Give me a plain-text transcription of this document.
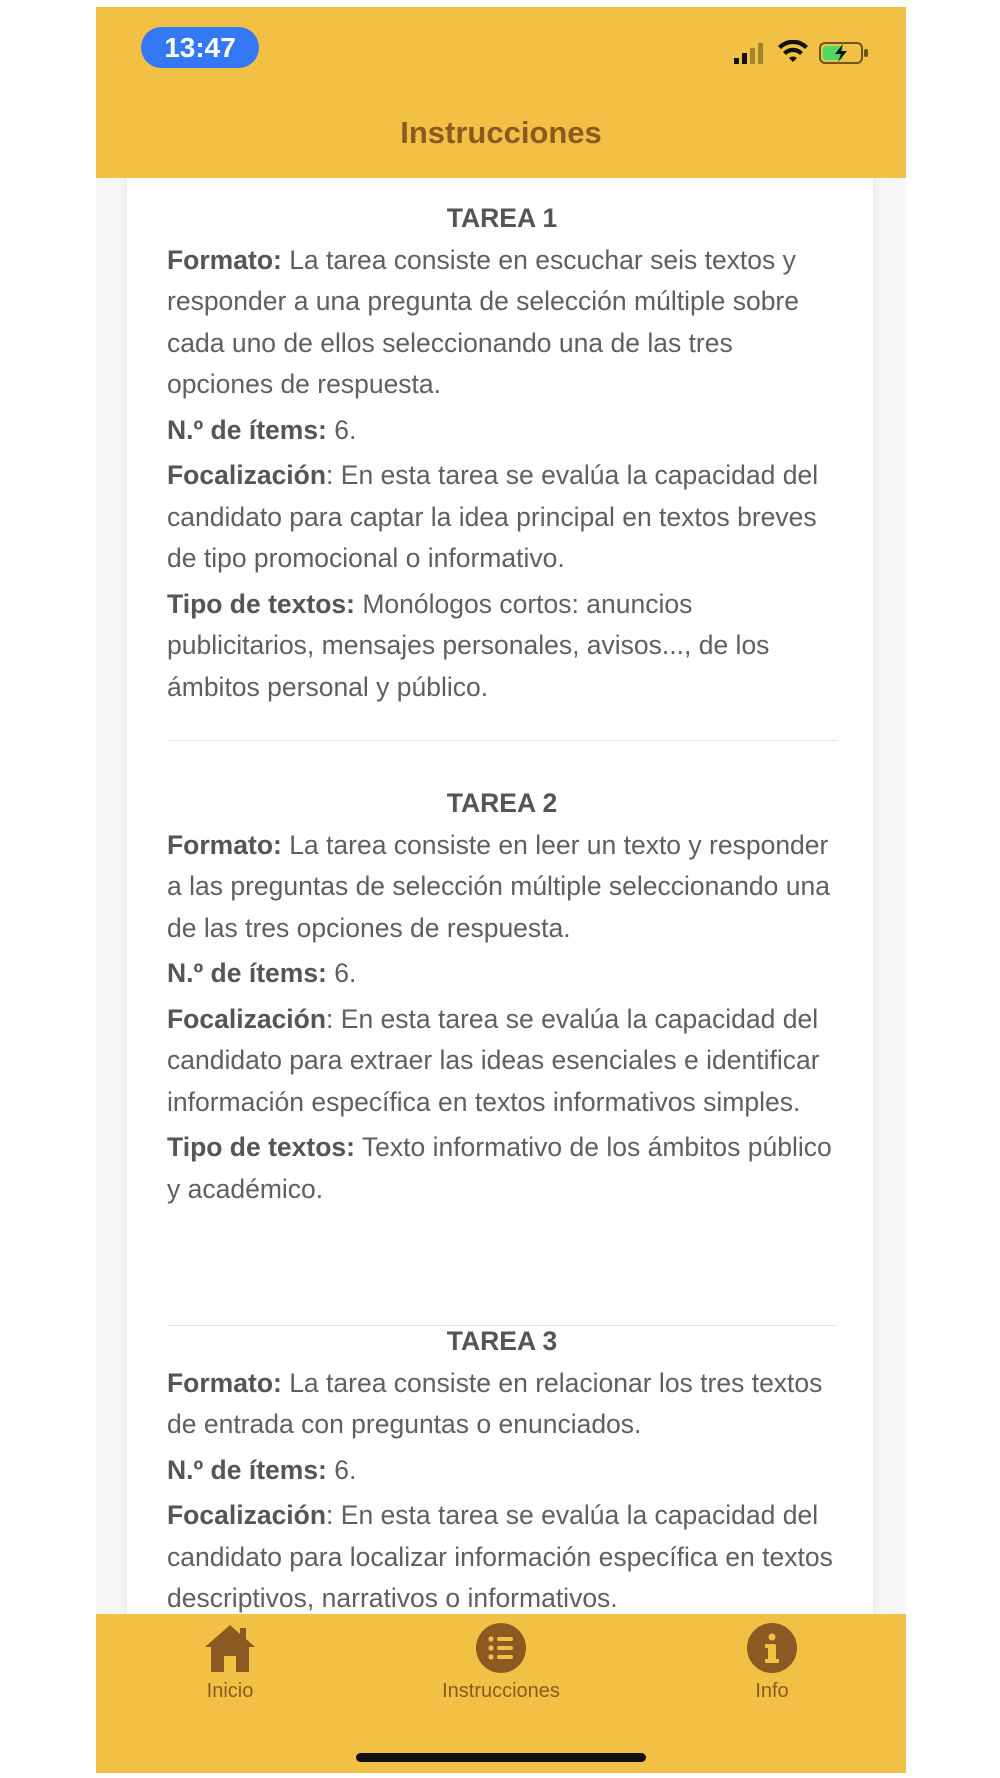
13:47
Instrucciones
TAREA 1

Formato: La tarea consiste en escuchar seis textos y responder a una pregunta de selección múltiple sobre cada uno de ellos seleccionando una de las tres opciones de respuesta.

N.º de ítems: 6.

Focalización: En esta tarea se evalúa la capacidad del candidato para captar la idea principal en textos breves de tipo promocional o informativo.

Tipo de textos: Monólogos cortos: anuncios publicitarios, mensajes personales, avisos..., de los ámbitos personal y público.

TAREA 2

Formato: La tarea consiste en leer un texto y responder a las preguntas de selección múltiple seleccionando una de las tres opciones de respuesta.

N.º de ítems: 6.

Focalización: En esta tarea se evalúa la capacidad del candidato para extraer las ideas esenciales e identificar información específica en textos informativos simples.

Tipo de textos: Texto informativo de los ámbitos público y académico.

TAREA 3

Formato: La tarea consiste en relacionar los tres textos de entrada con preguntas o enunciados.

N.º de ítems: 6.

Focalización: En esta tarea se evalúa la capacidad del candidato para localizar información específica en textos descriptivos, narrativos o informativos.

Inicio	Instrucciones	Info
